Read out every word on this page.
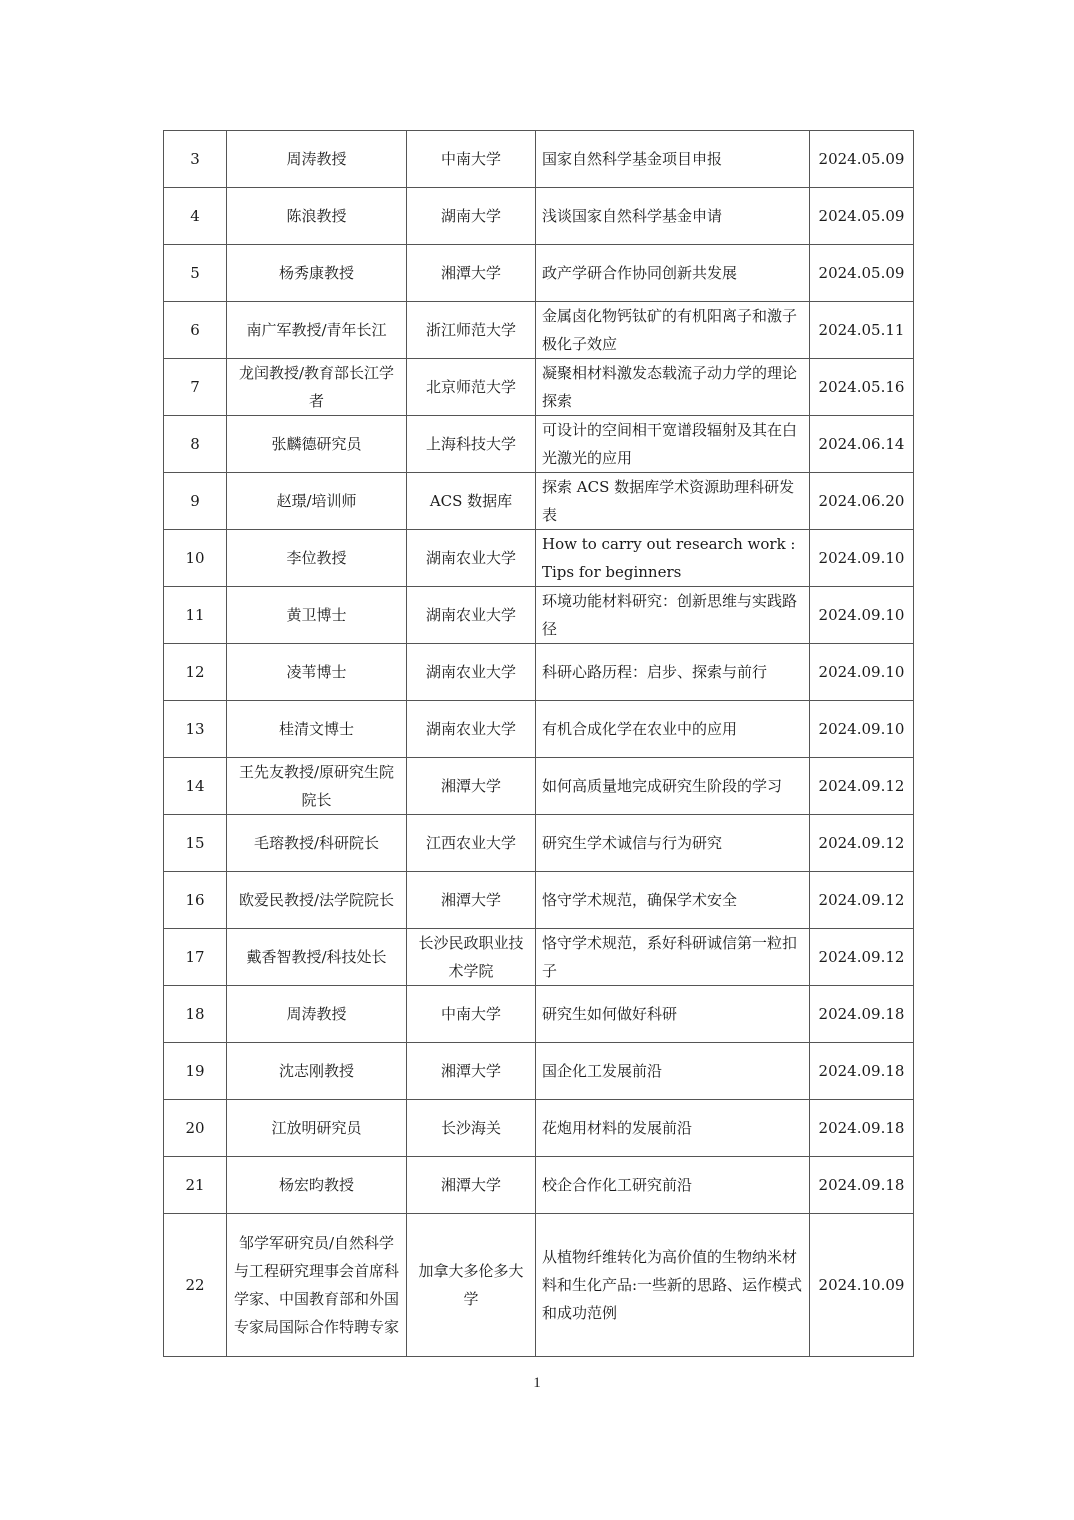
3	周涛教授	中南大学	国家自然科学基金项目申报	2024.05.09
4	陈浪教授	湖南大学	浅谈国家自然科学基金申请	2024.05.09
5	杨秀康教授	湘潭大学	政产学研合作协同创新共发展	2024.05.09
6	南广军教授/青年长江	浙江师范大学	金属卤化物钙钛矿的有机阳离子和激子极化子效应	2024.05.11
7	龙闰教授/教育部长江学者	北京师范大学	凝聚相材料激发态载流子动力学的理论探索	2024.05.16
8	张麟德研究员	上海科技大学	可设计的空间相干宽谱段辐射及其在白光激光的应用	2024.06.14
9	赵璟/培训师	ACS 数据库	探索 ACS 数据库学术资源助理科研发表	2024.06.20
10	李位教授	湖南农业大学	How to carry out research work : Tips for beginners	2024.09.10
11	黄卫博士	湖南农业大学	环境功能材料研究：创新思维与实践路径	2024.09.10
12	凌苇博士	湖南农业大学	科研心路历程：启步、探索与前行	2024.09.10
13	桂清文博士	湖南农业大学	有机合成化学在农业中的应用	2024.09.10
14	王先友教授/原研究生院院长	湘潭大学	如何高质量地完成研究生阶段的学习	2024.09.12
15	毛瑢教授/科研院长	江西农业大学	研究生学术诚信与行为研究	2024.09.12
16	欧爱民教授/法学院院长	湘潭大学	恪守学术规范，确保学术安全	2024.09.12
17	戴香智教授/科技处长	长沙民政职业技术学院	恪守学术规范，系好科研诚信第一粒扣子	2024.09.12
18	周涛教授	中南大学	研究生如何做好科研	2024.09.18
19	沈志刚教授	湘潭大学	国企化工发展前沿	2024.09.18
20	江放明研究员	长沙海关	花炮用材料的发展前沿	2024.09.18
21	杨宏昀教授	湘潭大学	校企合作化工研究前沿	2024.09.18
22	邹学军研究员/自然科学与工程研究理事会首席科学家、中国教育部和外国专家局国际合作特聘专家	加拿大多伦多大学	从植物纤维转化为高价值的生物纳米材料和生化产品:一些新的思路、运作模式和成功范例	2024.10.09
1
